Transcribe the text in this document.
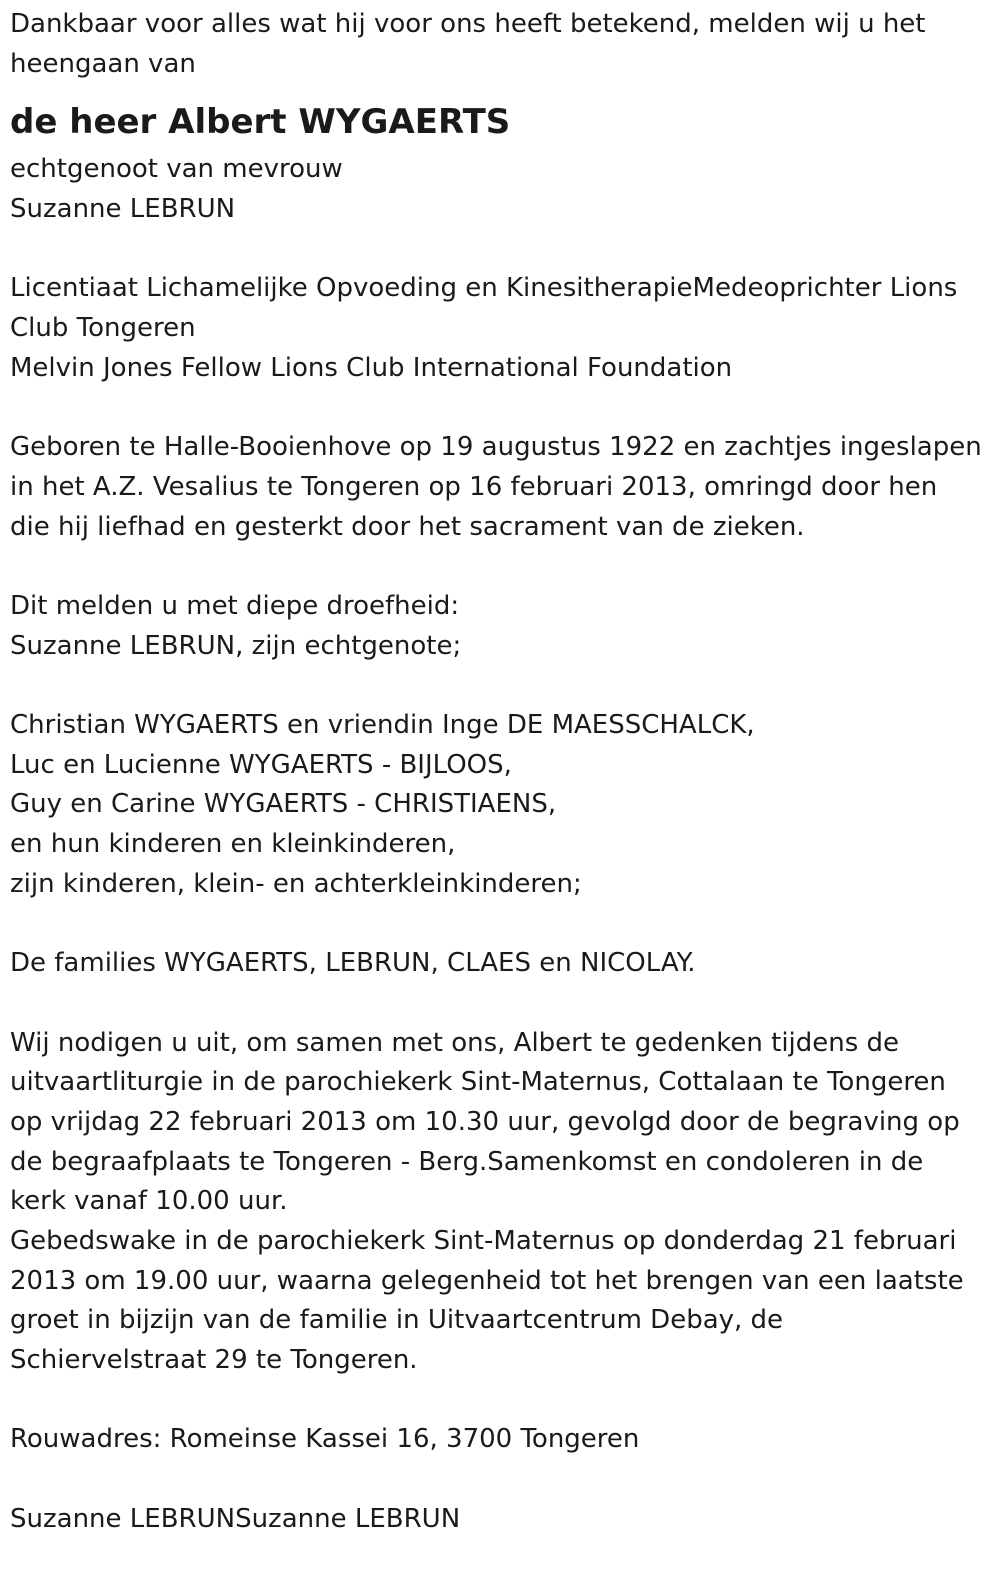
Dankbaar voor alles wat hij voor ons heeft betekend, melden wij u het
heengaan van
de heer Albert WYGAERTS
echtgenoot van mevrouw
Suzanne LEBRUN
Licentiaat Lichamelijke Opvoeding en KinesitherapieMedeoprichter Lions
Club Tongeren
Melvin Jones Fellow Lions Club International Foundation
Geboren te Halle-Booienhove op 19 augustus 1922 en zachtjes ingeslapen
in het A.Z. Vesalius te Tongeren op 16 februari 2013, omringd door hen
die hij liefhad en gesterkt door het sacrament van de zieken.
Dit melden u met diepe droefheid:
Suzanne LEBRUN, zijn echtgenote;
Christian WYGAERTS en vriendin Inge DE MAESSCHALCK,
Luc en Lucienne WYGAERTS - BIJLOOS,
Guy en Carine WYGAERTS - CHRISTIAENS,
en hun kinderen en kleinkinderen,
zijn kinderen, klein- en achterkleinkinderen;
De families WYGAERTS, LEBRUN, CLAES en NICOLAY.
Wij nodigen u uit, om samen met ons, Albert te gedenken tijdens de
uitvaartliturgie in de parochiekerk Sint-Maternus, Cottalaan te Tongeren
op vrijdag 22 februari 2013 om 10.30 uur, gevolgd door de begraving op
de begraafplaats te Tongeren - Berg.Samenkomst en condoleren in de
kerk vanaf 10.00 uur.
Gebedswake in de parochiekerk Sint-Maternus op donderdag 21 februari
2013 om 19.00 uur, waarna gelegenheid tot het brengen van een laatste
groet in bijzijn van de familie in Uitvaartcentrum Debay, de
Schiervelstraat 29 te Tongeren.
Rouwadres: Romeinse Kassei 16, 3700 Tongeren
Suzanne LEBRUNSuzanne LEBRUN
